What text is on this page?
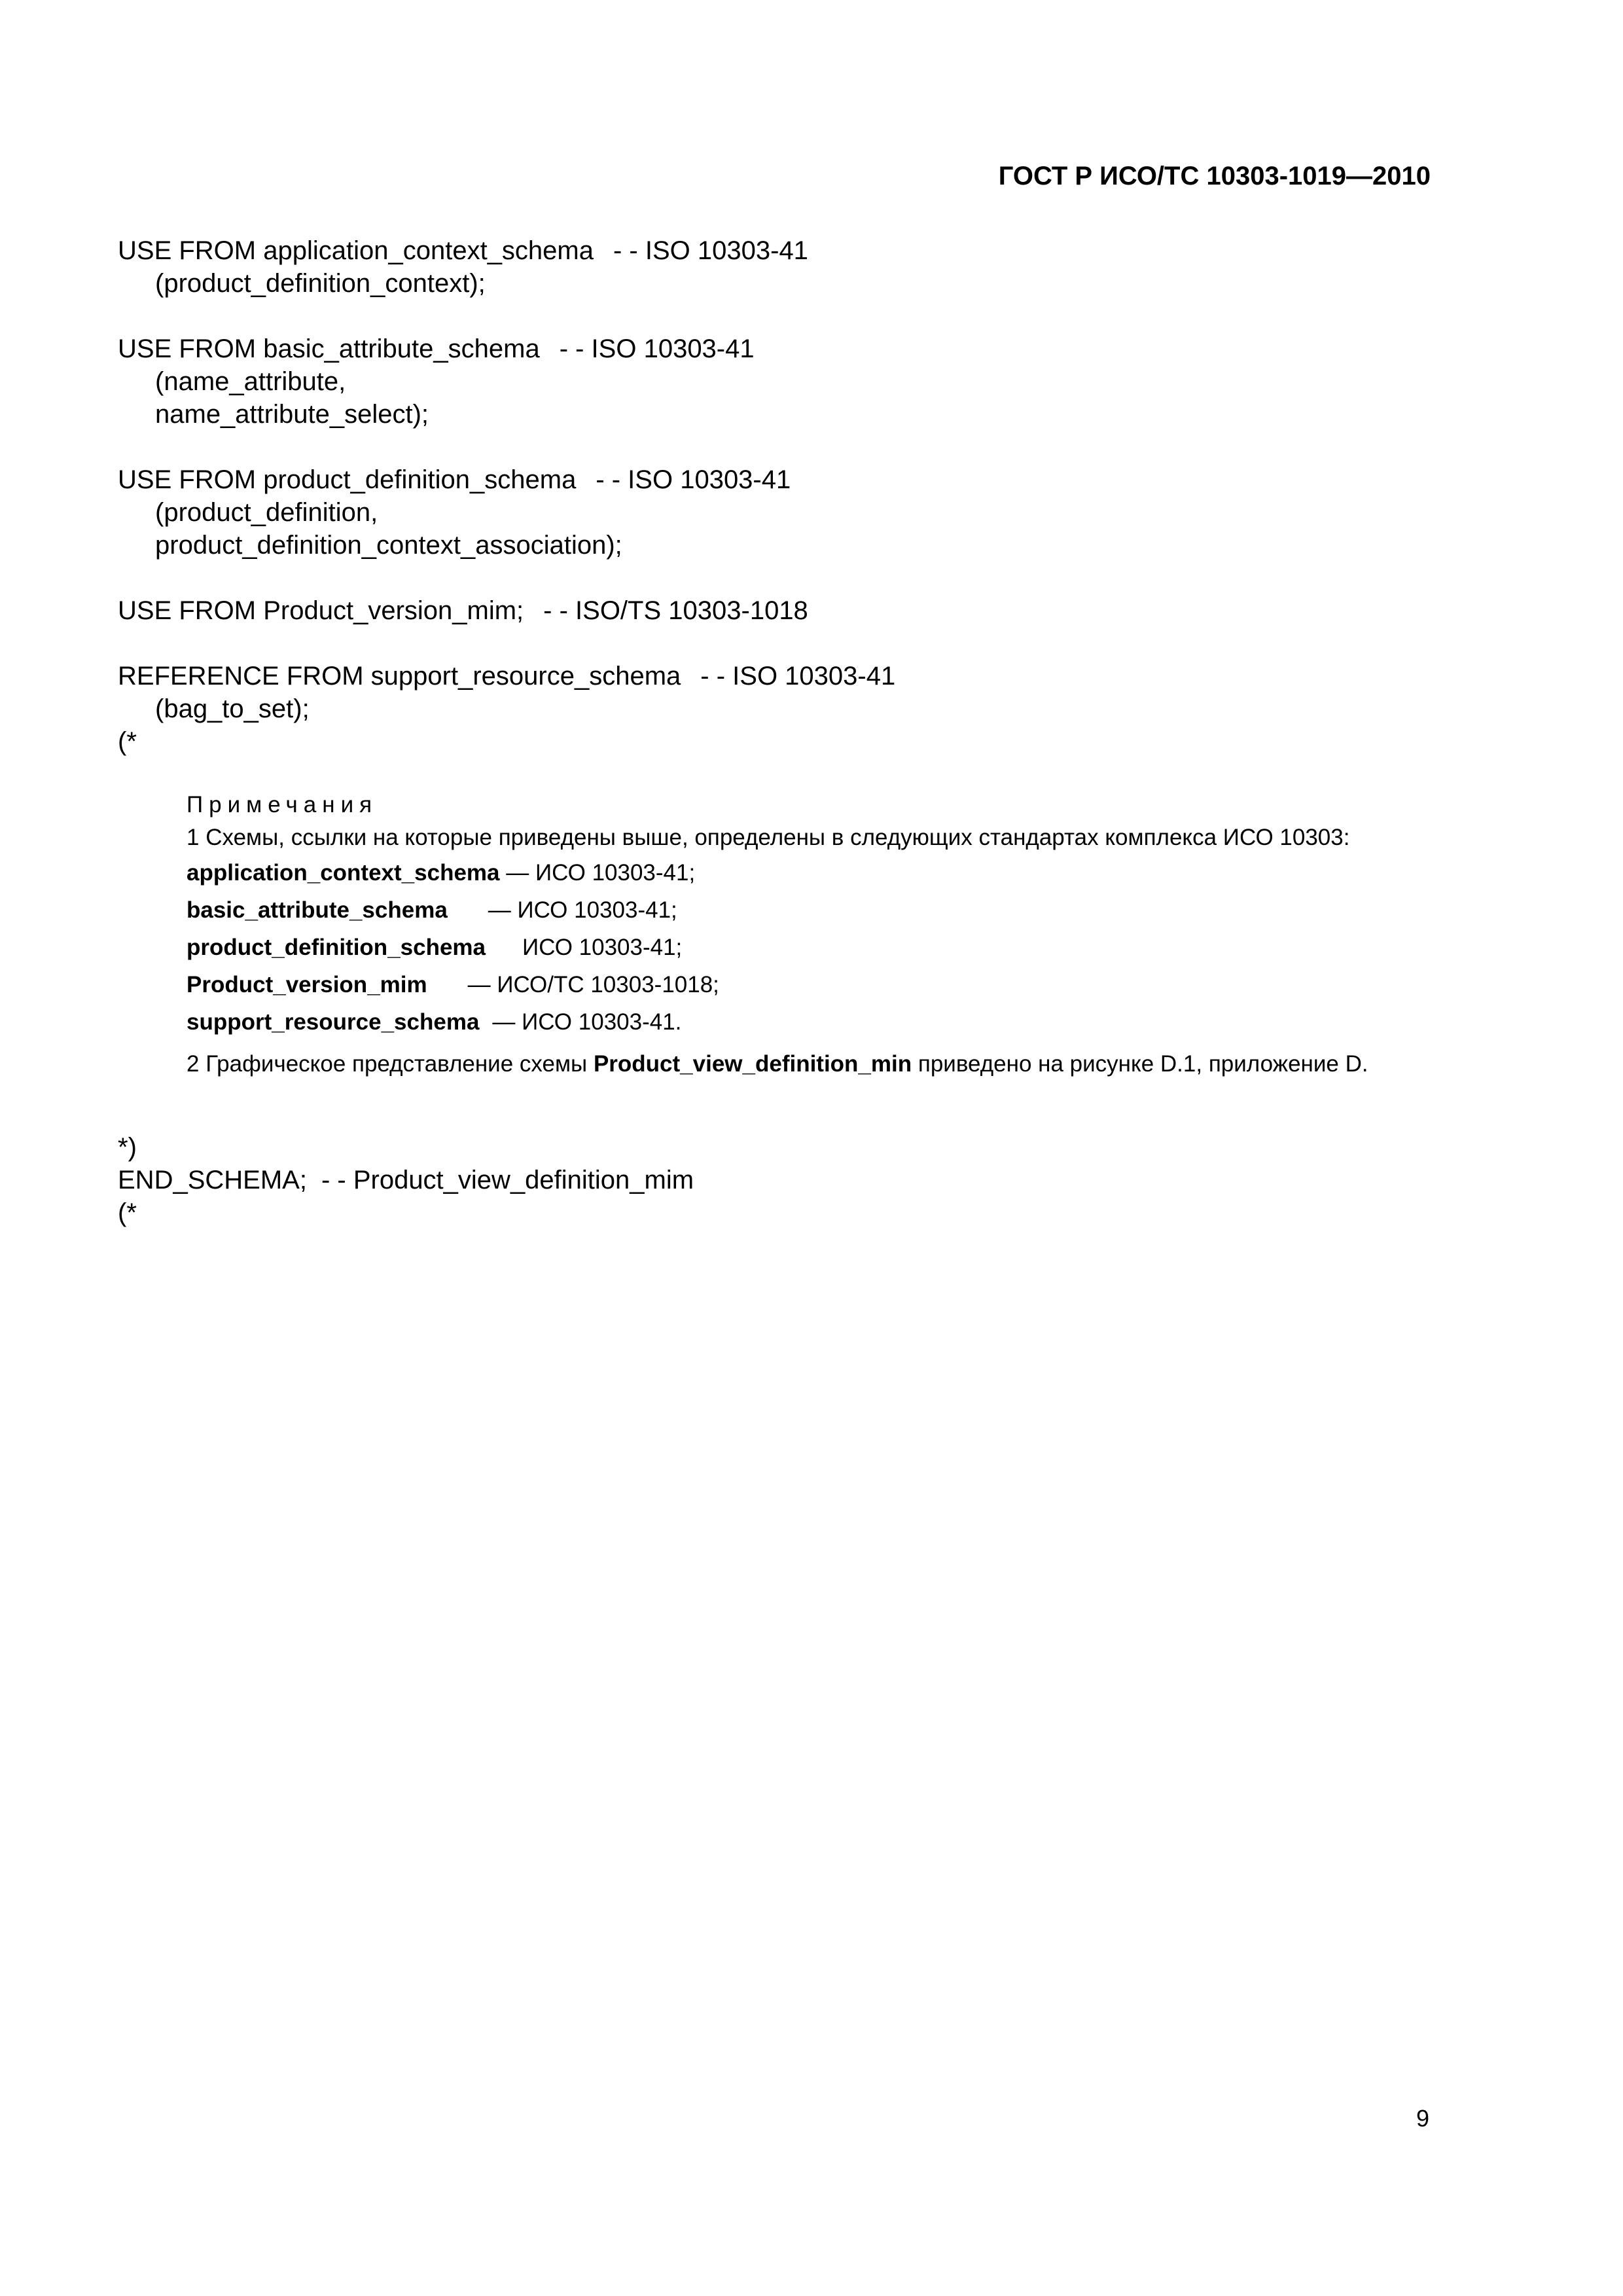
ГОСТ Р ИСО/ТС 10303-1019—2010
USE FROM application_context_schema - - ISO 10303-41
(product_definition_context);
USE FROM basic_attribute_schema - - ISO 10303-41
(name_attribute,
name_attribute_select);
USE FROM product_definition_schema - - ISO 10303-41
(product_definition,
product_definition_context_association);
USE FROM Product_version_mim; - - ISO/TS 10303-1018
REFERENCE FROM support_resource_schema - - ISO 10303-41
(bag_to_set);
(*
Примечания
1 Схемы, ссылки на которые приведены выше, определены в следующих стандартах комплекса ИСО 10303:
application_context_schema — ИСО 10303-41;
basic_attribute_schema — ИСО 10303-41;
product_definition_schema ИСО 10303-41;
Product_version_mim — ИСО/ТС 10303-1018;
support_resource_schema — ИСО 10303-41.
2 Графическое представление схемы Product_view_definition_min приведено на рисунке D.1, приложение D.
*)
END_SCHEMA; - - Product_view_definition_mim
(*
9
